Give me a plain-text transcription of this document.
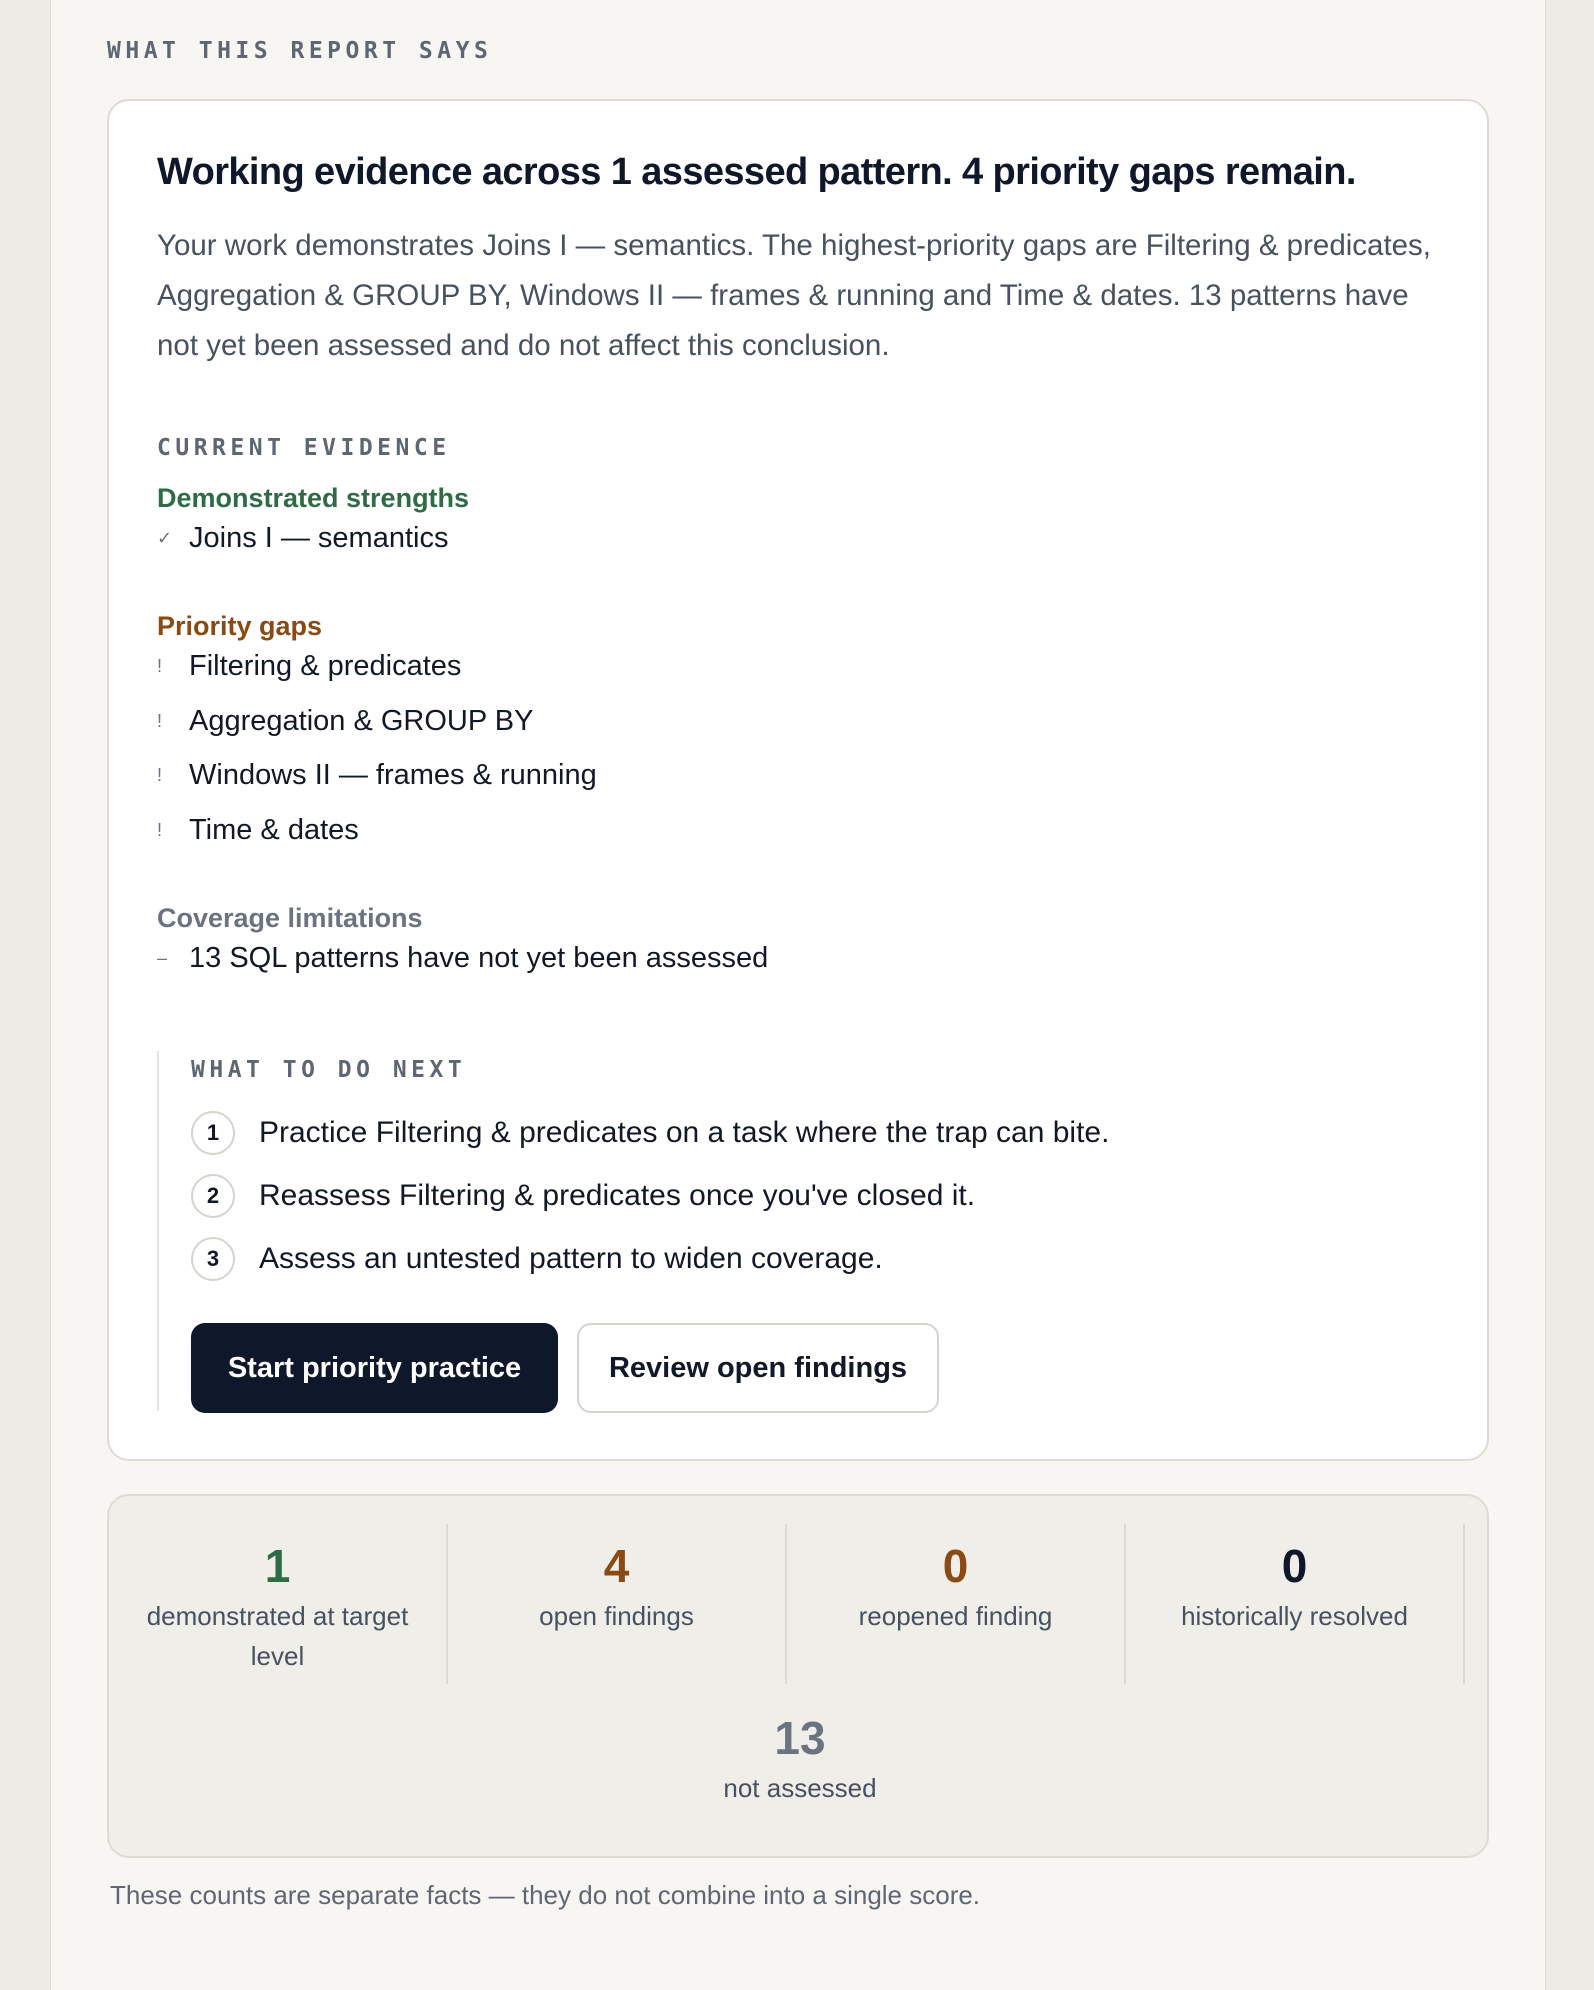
WHAT THIS REPORT SAYS
Working evidence across 1 assessed pattern. 4 priority gaps remain.
Your work demonstrates Joins I — semantics. The highest-priority gaps are Filtering & predicates, Aggregation & GROUP BY, Windows II — frames & running and Time & dates. 13 patterns have not yet been assessed and do not affect this conclusion.
CURRENT EVIDENCE
Demonstrated strengths
✓ Joins I — semantics
Priority gaps
! Filtering & predicates
! Aggregation & GROUP BY
! Windows II — frames & running
! Time & dates
Coverage limitations
– 13 SQL patterns have not yet been assessed
WHAT TO DO NEXT
1	Practice Filtering & predicates on a task where the trap can bite.
2	Reassess Filtering & predicates once you've closed it.
3	Assess an untested pattern to widen coverage.
Start priority practice	Review open findings
1
demonstrated at target level
4
open findings
0
reopened finding
0
historically resolved
13
not assessed
These counts are separate facts — they do not combine into a single score.
